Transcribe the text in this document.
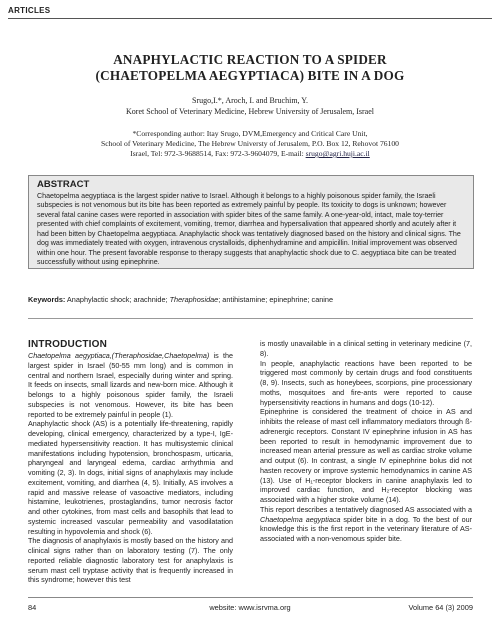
ARTICLES
ANAPHYLACTIC REACTION TO A SPIDER
(CHAETOPELMA AEGYPTIACA) BITE IN A DOG
Srugo,I.*, Aroch, I. and Bruchim, Y.
Koret School of Veterinary Medicine, Hebrew University of Jerusalem, Israel
*Corresponding author: Itay Srugo, DVM,Emergency and Critical Care Unit,
School of Veterinary Medicine, The Hebrew Universty of Jerusalem, P.O. Box 12, Rehovot 76100
Israel, Tel: 972-3-9688514, Fax: 972-3-9604079, E-mail: srugo@agri.huji.ac.il
ABSTRACT

Chaetopelma aegyptiaca is the largest spider native to Israel. Although it belongs to a highly poisonous spider family, the Israeli subspecies is not venomous but its bite has been reported as extremely painful by people. Its toxicity to dogs is unknown; however several fatal canine cases were reported in association with spider bites of the same family. A one-year-old, intact, male toy-terrier presented with chief complaints of excitement, vomiting, tremor, diarrhea and hypersalivation that appeared shortly and acutely after it had been bitten by Chaetopelma aegyptiaca. Anaphylactic shock was tentatively diagnosed based on the history and clinical signs. The dog was immediately treated with oxygen, intravenous crystalloids, diphenhydramine and ampicillin. Initial improvement was observed within one hour. The present favorable response to therapy suggests that anaphylactic shock due to C. aegyptiaca bite can be treated successfully without using epinephrine.

Keywords: Anaphylactic shock; arachnide; Theraphosidae; antihistamine; epinephrine; canine
INTRODUCTION

Chaetopelma aegyptiaca,(Theraphosidae,Chaetopelma) is the largest spider in Israel (50-55 mm long) and is common in central and northern Israel, especially during winter and spring. It feeds on insects, small lizards and new-born mice. Although it belongs to a highly poisonous spider family, the Israeli subspecies is not venomous. However, its bite has been reported to be extremely painful in people (1).

Anaphylactic shock (AS) is a potentially life-threatening, rapidly developing, clinical emergency, characterized by a type-I, IgE-mediated hypersensitivity reaction. It has multisystemic clinical manifestations including hypotension, bronchospasm, urticaria, pharyngeal and laryngeal edema, cardiac arrhythmia and vomiting (2, 3). In dogs, initial signs of anaphylaxis may include excitement, vomiting, and diarrhea (4, 5). Initially, AS involves a rapid and massive release of vasoactive mediators, including histamine, leukotrienes, prostaglandins, tumor necrosis factor and other cytokines, from mast cells and basophils that lead to systemic increased vascular permeability and vasodilatation resulting in hypovolemia and shock (6).

The diagnosis of anaphylaxis is mostly based on the history and clinical signs rather than on laboratory testing (7). The only reported reliable diagnostic laboratory test for anaphylaxis is serum mast cell tryptase activity that is frequently increased in this syndrome; however this test

is mostly unavailable in a clinical setting in veterinary medicine (7, 8).

In people, anaphylactic reactions have been reported to be triggered most commonly by certain drugs and food constituents (8, 9). Insects, such as honeybees, scorpions, pine processionary moths, mosquitoes and fire-ants were reported to cause hypersensitivity reactions in humans and dogs (10-12).

Epinephrine is considered the treatment of choice in AS and inhibits the release of mast cell inflammatory mediators through ß-adrenergic receptors. Constant IV epinephrine infusion in AS has been reported to result in hemodynamic improvement due to increased mean arterial pressure as well as cardiac stroke volume and output (6). In contrast, a single IV epinephrine bolus did not hasten recovery or improve systemic hemodynamics in canine AS (13). Use of H₁-receptor blockers in canine anaphylaxis led to improved cardiac function, and H₂-receptor blocking was associated with a higher stroke volume (14).

This report describes a tentatively diagnosed AS associated with a Chaetopelma aegyptiaca spider bite in a dog. To the best of our knowledge this is the first report in the veterinary literature of AS-associated with a non-venomous spider bite.

84	website: www.isrvma.org	Volume 64 (3) 2009
